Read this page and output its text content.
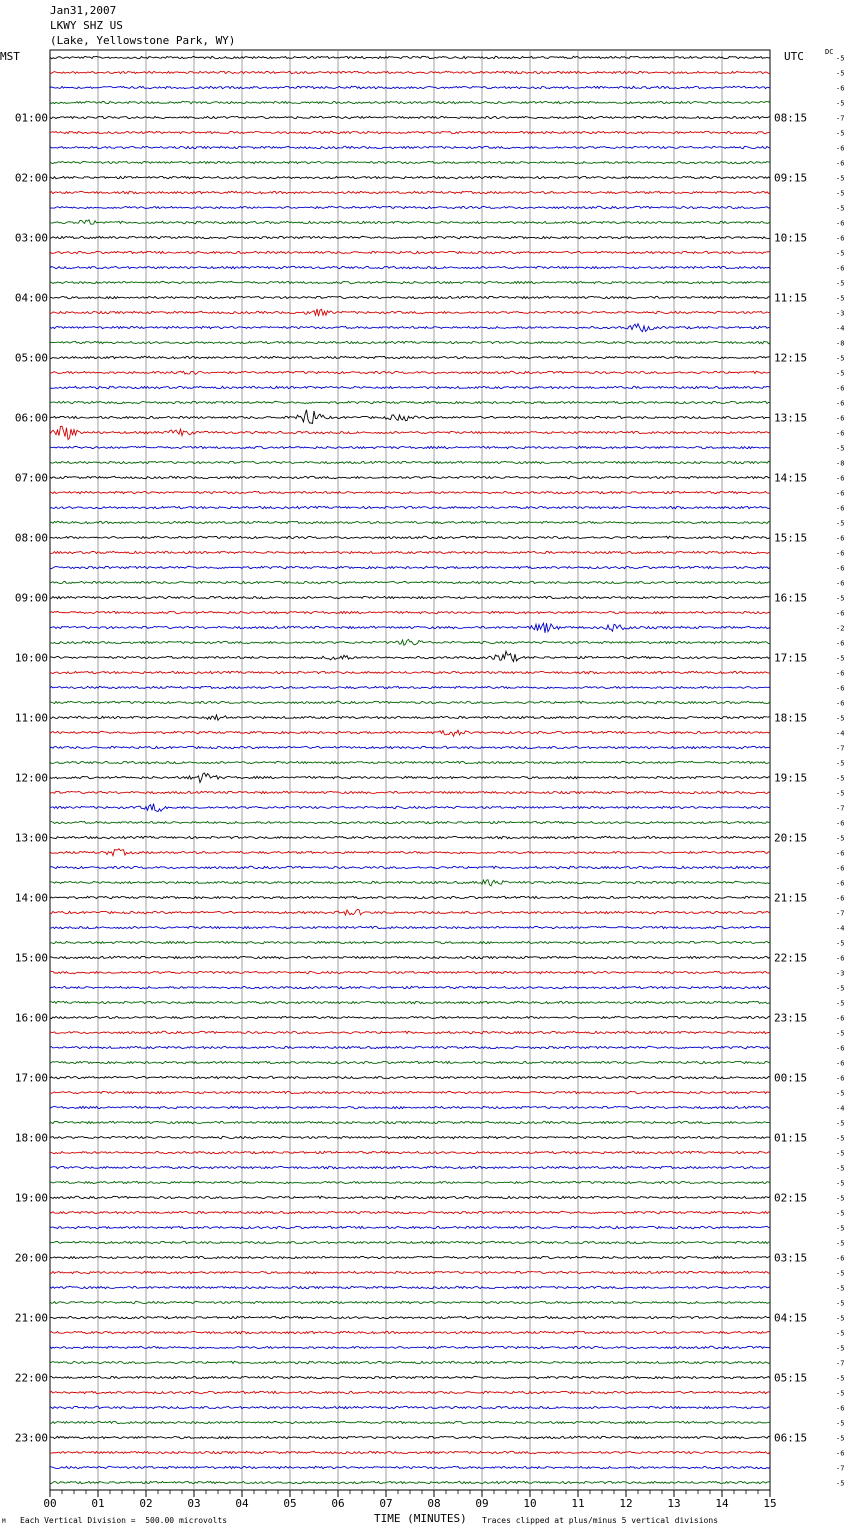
Jan31,2007
LKWY SHZ US
(Lake, Yellowstone Park, WY)
MST	UTC	DC
00	01	02	03	04	05	06	07	08	09	10	11	12	13	14	15
-5
-5
-6
-5
-7
-5
-6
-6
-5
-5
-5
-6
-6
-5
-6
-5
-5
-3
-4
-8
-5
-5
-6
-6
-6
-6
-5
-8
-6
-6
-6
-5
-6
-6
-6
-6
-5
-6
-2
-6
-5
-6
-6
-6
-5
-4
-7
-5
-5
-5
-7
-6
-5
-6
-6
-6
-6
-7
-4
-5
-6
-3
-5
-5
-6
-5
-6
-6
-6
-5
-4
-5
-5
-5
-5
-5
-5
-5
-5
-5
-6
-5
-5
-5
-5
-5
-5
-7
-5
-5
-6
-5
-5
-6
-7
-5
01:00	08:15
02:00	09:15
03:00	10:15
04:00	11:15
05:00	12:15
06:00	13:15
07:00	14:15
08:00	15:15
09:00	16:15
10:00	17:15
11:00	18:15
12:00	19:15
13:00	20:15
14:00	21:15
15:00	22:15
16:00	23:15
17:00	00:15
18:00	01:15
19:00	02:15
20:00	03:15
21:00	04:15
22:00	05:15
23:00	06:15
M Each Vertical Division =  500.00 microvolts	TIME (MINUTES) Traces clipped at plus/minus 5 vertical divisions
